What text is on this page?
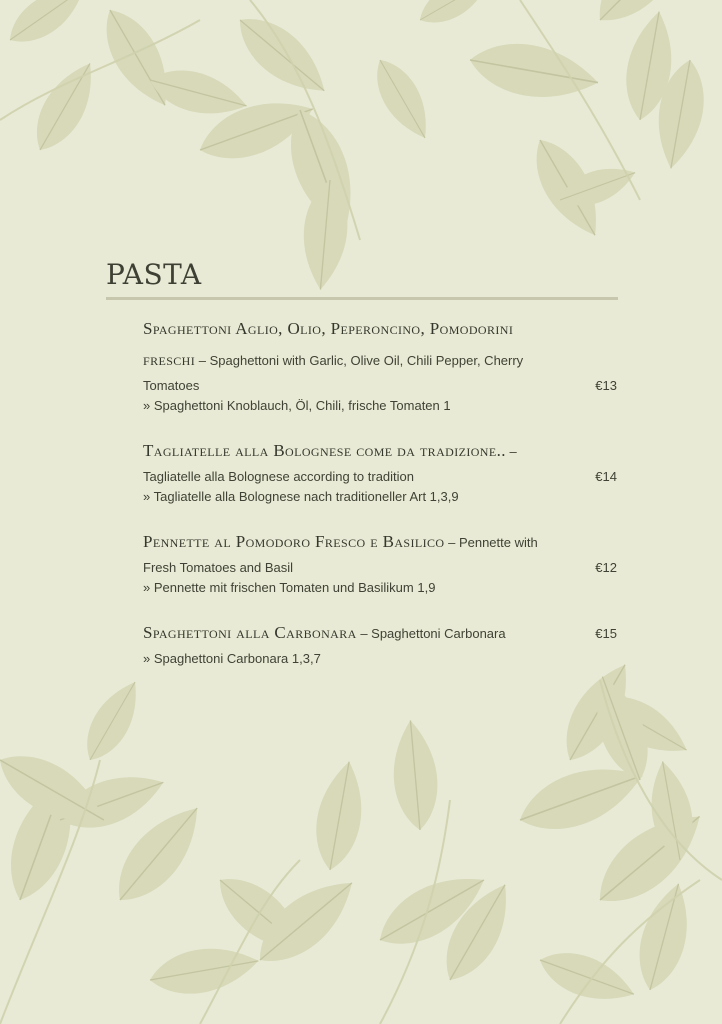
PASTA
Spaghettoni Aglio, Olio, Peperoncino, Pomodorini
freschi – Spaghettoni with Garlic, Olive Oil, Chili Pepper, Cherry
Tomatoes	€13
» Spaghettoni Knoblauch, Öl, Chili, frische Tomaten 1
Tagliatelle alla Bolognese come da tradizione.. –
Tagliatelle alla Bolognese according to tradition	€14
» Tagliatelle alla Bolognese nach traditioneller Art 1,3,9
Pennette al Pomodoro Fresco e Basilico – Pennette with
Fresh Tomatoes and Basil	€12
» Pennette mit frischen Tomaten und Basilikum 1,9
Spaghettoni alla Carbonara – Spaghettoni Carbonara	€15
» Spaghettoni Carbonara 1,3,7
